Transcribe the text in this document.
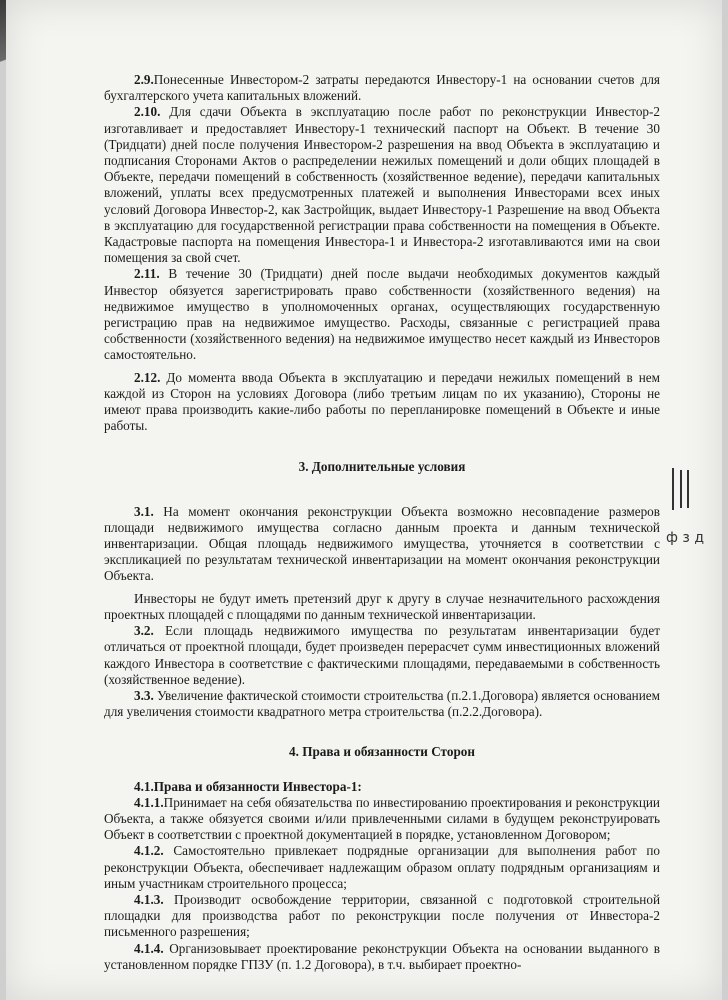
2.9.Понесенные Инвестором-2 затраты передаются Инвестору-1 на основании счетов для бухгалтерского учета капитальных вложений.

2.10. Для сдачи Объекта в эксплуатацию после работ по реконструкции Инвестор-2 изготавливает и предоставляет Инвестору-1 технический паспорт на Объект. В течение 30 (Тридцати) дней после получения Инвестором-2 разрешения на ввод Объекта в эксплуатацию и подписания Сторонами Актов о распределении нежилых помещений и доли общих площадей в Объекте, передачи помещений в собственность (хозяйственное ведение), передачи капитальных вложений, уплаты всех предусмотренных платежей и выполнения Инвесторами всех иных условий Договора Инвестор-2, как Застройщик, выдает Инвестору-1 Разрешение на ввод Объекта в эксплуатацию для государственной регистрации права собственности на помещения в Объекте. Кадастровые паспорта на помещения Инвестора-1 и Инвестора-2 изготавливаются ими на свои помещения за свой счет.

2.11. В течение 30 (Тридцати) дней после выдачи необходимых документов каждый Инвестор обязуется зарегистрировать право собственности (хозяйственного ведения) на недвижимое имущество в уполномоченных органах, осуществляющих государственную регистрацию прав на недвижимое имущество. Расходы, связанные с регистрацией права собственности (хозяйственного ведения) на недвижимое имущество несет каждый из Инвесторов самостоятельно.

2.12. До момента ввода Объекта в эксплуатацию и передачи нежилых помещений в нем каждой из Сторон на условиях Договора (либо третьим лицам по их указанию), Стороны не имеют права производить какие-либо работы по перепланировке помещений в Объекте и иные работы.

3. Дополнительные условия

3.1. На момент окончания реконструкции Объекта возможно несовпадение размеров площади недвижимого имущества согласно данным проекта и данным технической инвентаризации. Общая площадь недвижимого имущества, уточняется в соответствии с экспликацией по результатам технической инвентаризации на момент окончания реконструкции Объекта.

Инвесторы не будут иметь претензий друг к другу в случае незначительного расхождения проектных площадей с площадями по данным технической инвентаризации.

3.2. Если площадь недвижимого имущества по результатам инвентаризации будет отличаться от проектной площади, будет произведен перерасчет сумм инвестиционных вложений каждого Инвестора в соответствие с фактическими площадями, передаваемыми в собственность (хозяйственное ведение).

3.3. Увеличение фактической стоимости строительства (п.2.1.Договора) является основанием для увеличения стоимости квадратного метра строительства (п.2.2.Договора).

4. Права и обязанности Сторон

4.1.Права и обязанности Инвестора-1:

4.1.1.Принимает на себя обязательства по инвестированию проектирования и реконструкции Объекта, а также обязуется своими и/или привлеченными силами в будущем реконструировать Объект в соответствии с проектной документацией в порядке, установленном Договором;

4.1.2. Самостоятельно привлекает подрядные организации для выполнения работ по реконструкции Объекта, обеспечивает надлежащим образом оплату подрядным организациям и иным участникам строительного процесса;

4.1.3. Производит освобождение территории, связанной с подготовкой строительной площадки для производства работ по реконструкции после получения от Инвестора-2 письменного разрешения;

4.1.4. Организовывает проектирование реконструкции Объекта на основании выданного в установленном порядке ГПЗУ (п. 1.2 Договора), в т.ч. выбирает проектно-

ф з д
